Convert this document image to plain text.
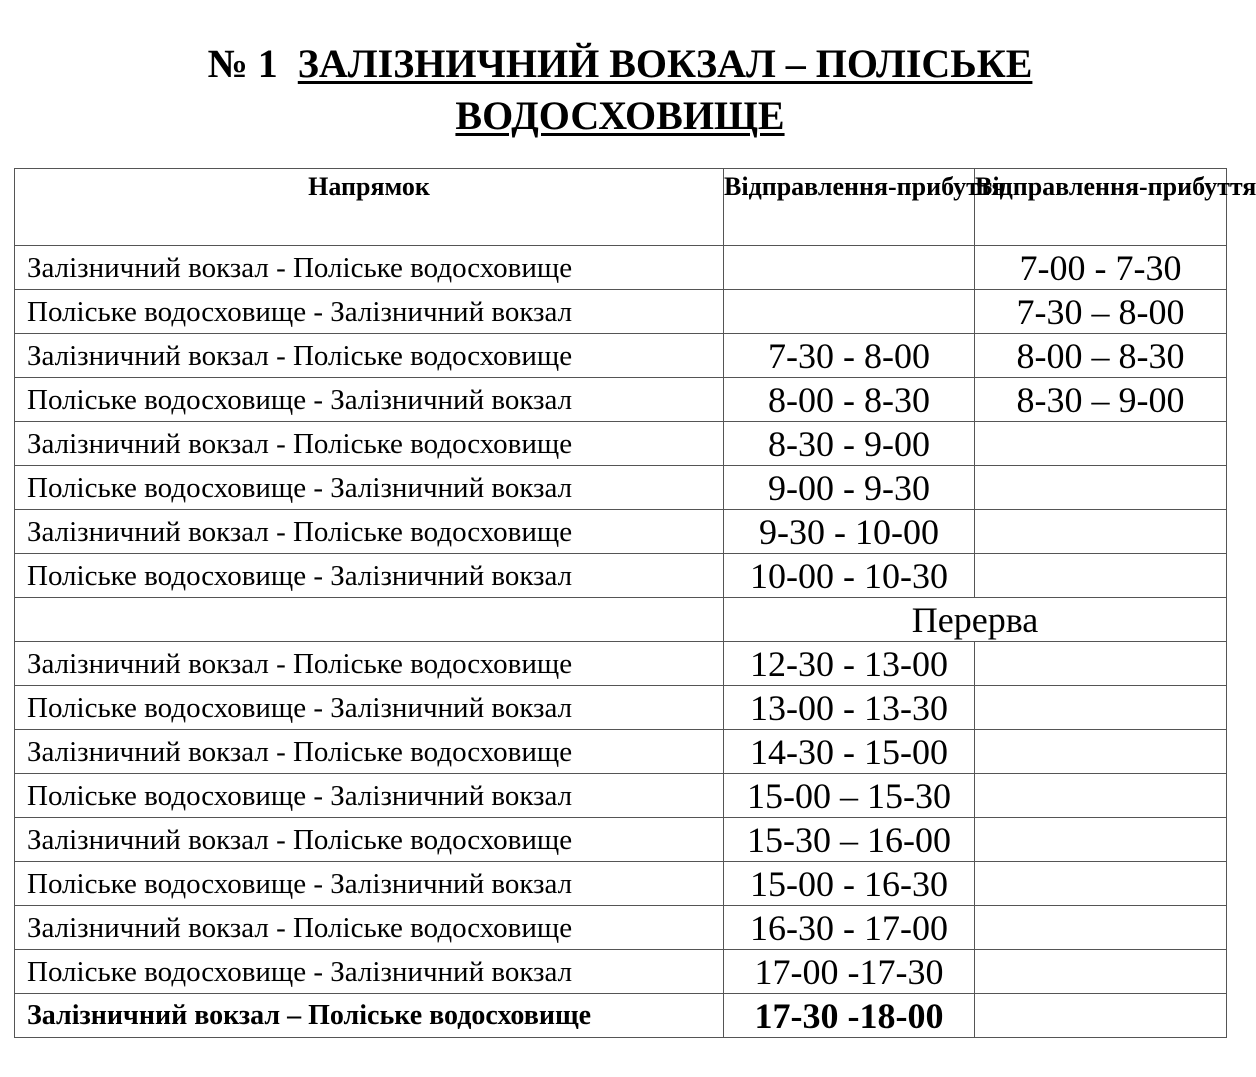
№ 1 ЗАЛІЗНИЧНИЙ ВОКЗАЛ – ПОЛІСЬКЕ
ВОДОСХОВИЩЕ
Напрямок	Відправлення-прибуття	Відправлення-прибуття
Залізничний вокзал - Поліське водосховище		7-00 - 7-30
Поліське водосховище - Залізничний вокзал		7-30 – 8-00
Залізничний вокзал - Поліське водосховище	7-30 - 8-00	8-00 – 8-30
Поліське водосховище - Залізничний вокзал	8-00 - 8-30	8-30 – 9-00
Залізничний вокзал - Поліське водосховище	8-30 - 9-00	
Поліське водосховище - Залізничний вокзал	9-00 - 9-30	
Залізничний вокзал - Поліське водосховище	9-30 - 10-00	
Поліське водосховище - Залізничний вокзал	10-00 - 10-30	
	Перерва	
Залізничний вокзал - Поліське водосховище	12-30 - 13-00	
Поліське водосховище - Залізничний вокзал	13-00 - 13-30	
Залізничний вокзал - Поліське водосховище	14-30 - 15-00	
Поліське водосховище - Залізничний вокзал	15-00 – 15-30	
Залізничний вокзал - Поліське водосховище	15-30 – 16-00	
Поліське водосховище - Залізничний вокзал	15-00 - 16-30	
Залізничний вокзал - Поліське водосховище	16-30 - 17-00	
Поліське водосховище - Залізничний вокзал	17-00 -17-30	
Залізничний вокзал – Поліське водосховище	17-30 -18-00	
